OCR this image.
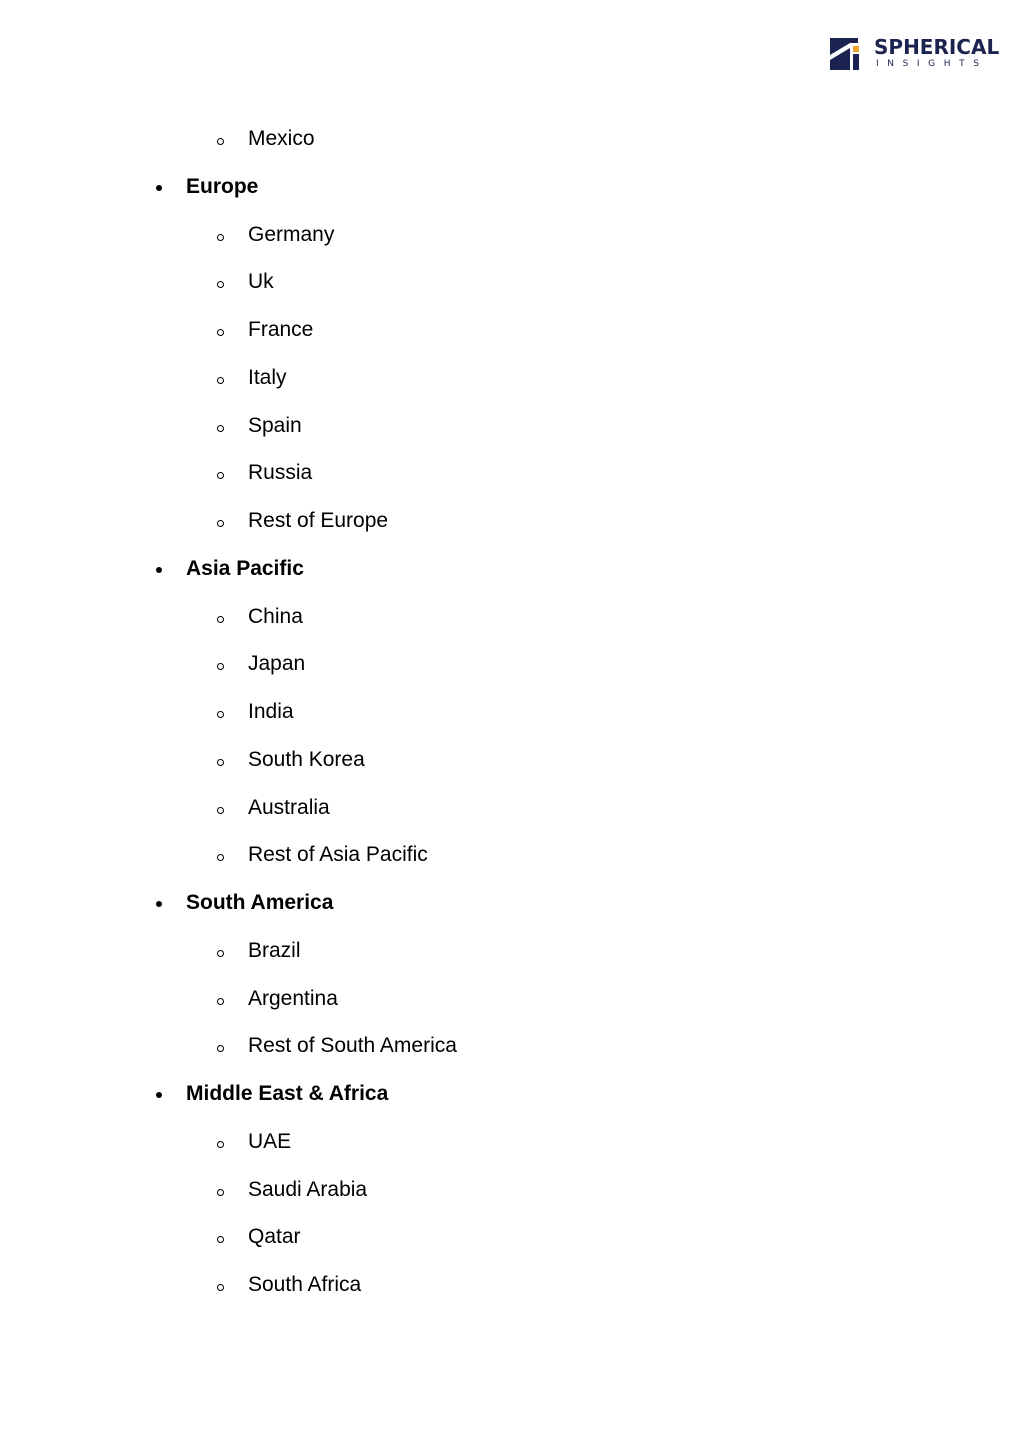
SPHERICAL
INSIGHTS
Mexico
Europe
Germany
Uk
France
Italy
Spain
Russia
Rest of Europe
Asia Pacific
China
Japan
India
South Korea
Australia
Rest of Asia Pacific
South America
Brazil
Argentina
Rest of South America
Middle East & Africa
UAE
Saudi Arabia
Qatar
South Africa
